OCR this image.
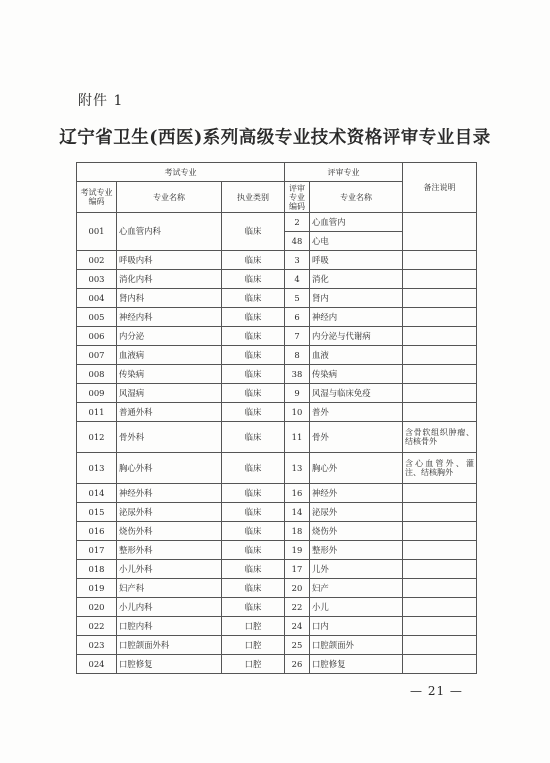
附件 1
辽宁省卫生(西医)系列高级专业技术资格评审专业目录
考试专业			评审专业		备注说明
考试专业编码	专业名称	执业类别	评审专业编码	专业名称	
001	心血管内科	临床	2	心血管内	
			48	心电	
002	呼吸内科	临床	3	呼吸	
003	消化内科	临床	4	消化	
004	肾内科	临床	5	肾内	
005	神经内科	临床	6	神经内	
006	内分泌	临床	7	内分泌与代谢病	
007	血液病	临床	8	血液	
008	传染病	临床	38	传染病	
009	风湿病	临床	9	风湿与临床免疫	
011	普通外科	临床	10	普外	
012	骨外科	临床	11	骨外	含骨软组织肿瘤、结核骨外
013	胸心外科	临床	13	胸心外	含心血管外、灌注、结核胸外
014	神经外科	临床	16	神经外	
015	泌尿外科	临床	14	泌尿外	
016	烧伤外科	临床	18	烧伤外	
017	整形外科	临床	19	整形外	
018	小儿外科	临床	17	儿外	
019	妇产科	临床	20	妇产	
020	小儿内科	临床	22	小儿	
022	口腔内科	口腔	24	口内	
023	口腔颌面外科	口腔	25	口腔颌面外	
024	口腔修复	口腔	26	口腔修复	
— 21 —
